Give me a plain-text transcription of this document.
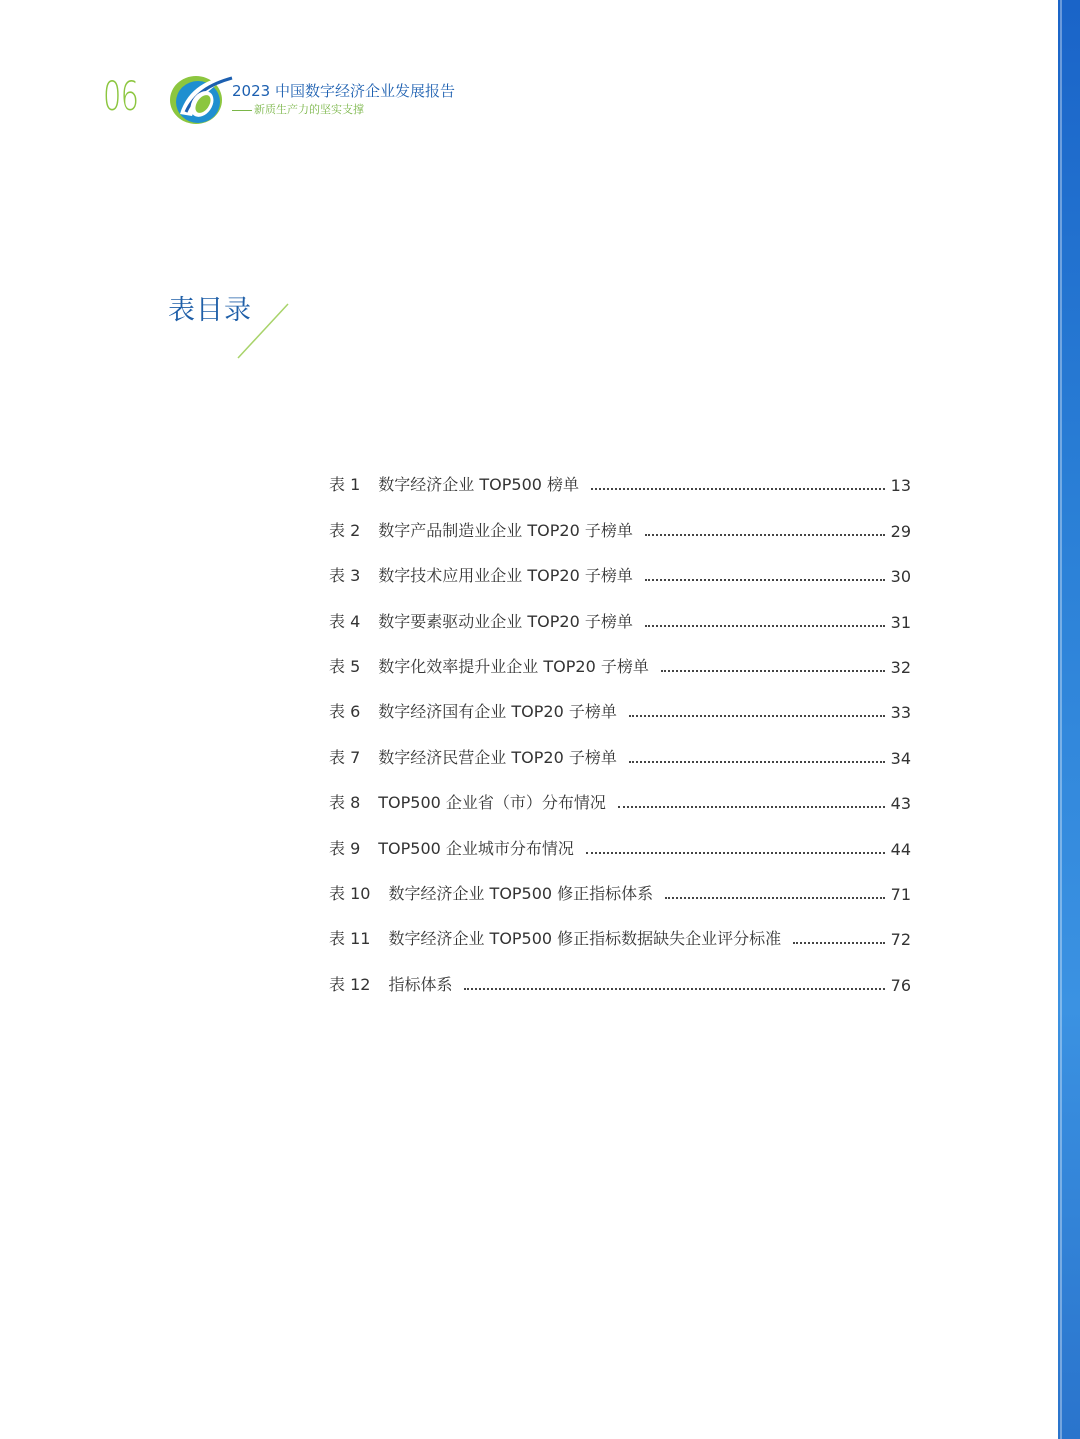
06	2023 中国数字经济企业发展报告
新质生产力的坚实支撑
表目录
表 1 数字经济企业 TOP500 榜单	13
表 2 数字产品制造业企业 TOP20 子榜单	29
表 3 数字技术应用业企业 TOP20 子榜单	30
表 4 数字要素驱动业企业 TOP20 子榜单	31
表 5 数字化效率提升业企业 TOP20 子榜单	32
表 6 数字经济国有企业 TOP20 子榜单	33
表 7 数字经济民营企业 TOP20 子榜单	34
表 8 TOP500 企业省（市）分布情况	43
表 9 TOP500 企业城市分布情况	44
表 10 数字经济企业 TOP500 修正指标体系	71
表 11 数字经济企业 TOP500 修正指标数据缺失企业评分标准	72
表 12 指标体系	76
